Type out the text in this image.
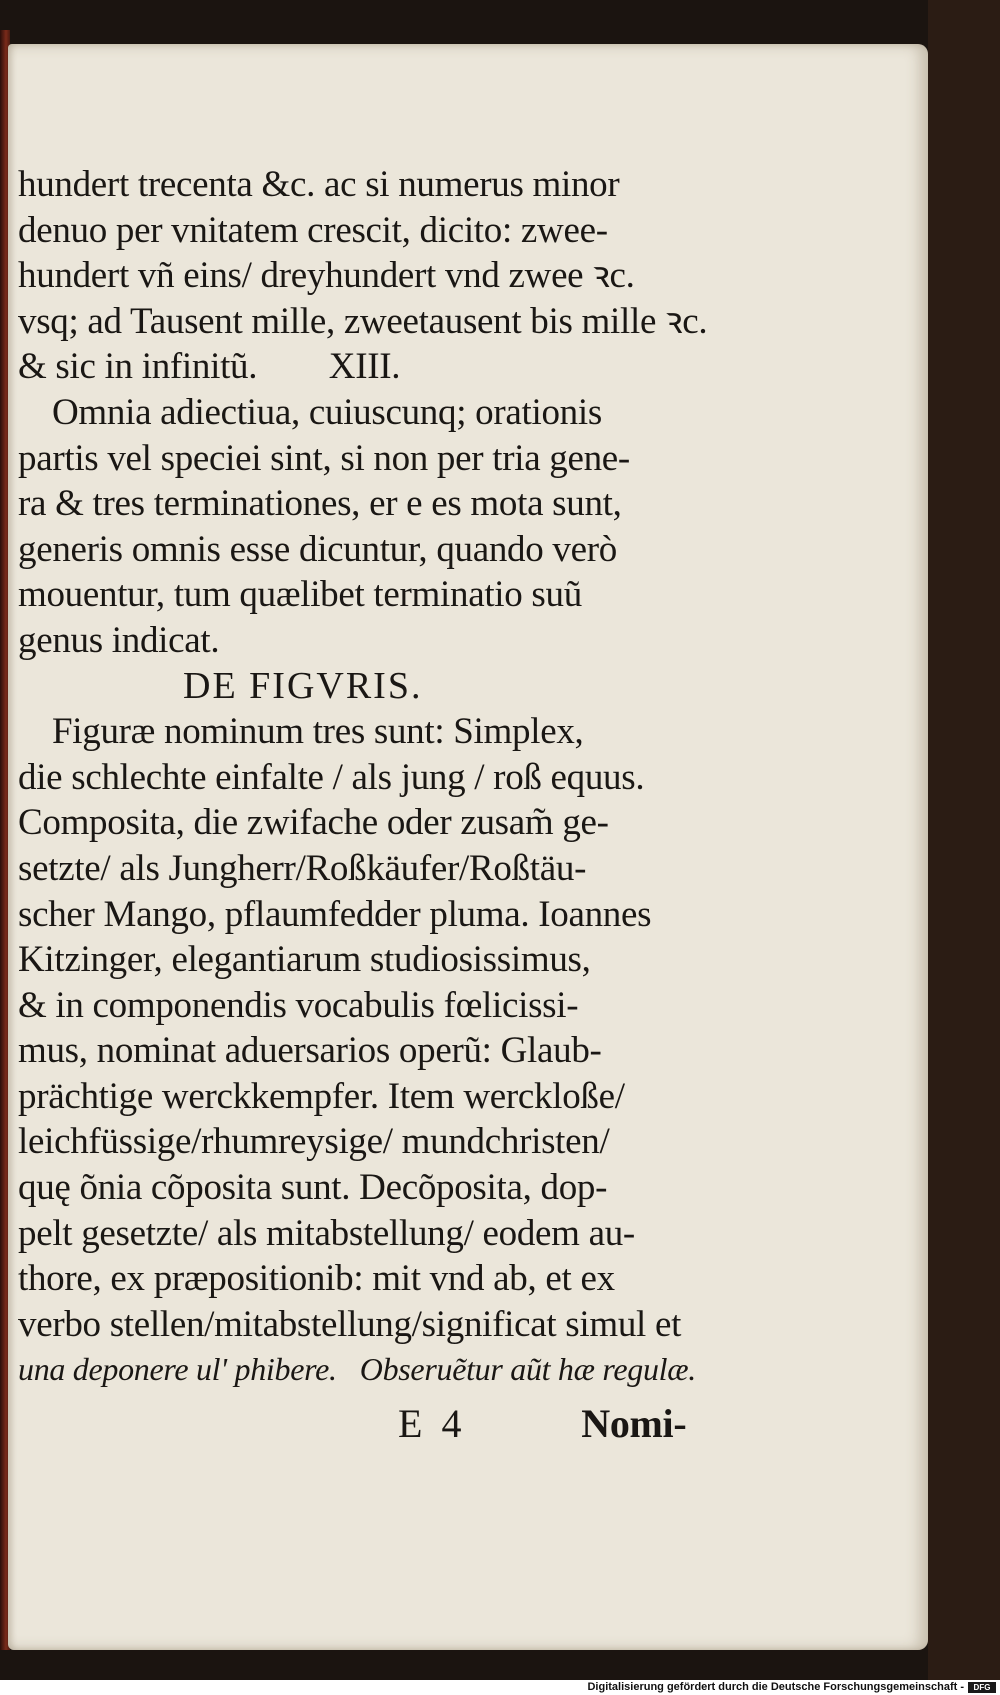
hundert trecenta &c. ac si numerus minor
denuo per vnitatem crescit, dicito: zwee-
hundert vñ eins/ dreyhundert vnd zwee ꝛc.
vsq; ad Tausent mille, zweetausent bis mille ꝛc.
& sic in infinitũ.        XIII.
Omnia adiectiua, cuiuscunq; orationis
partis vel speciei sint, si non per tria gene-
ra & tres terminationes, er e es mota sunt,
generis omnis esse dicuntur, quando verò
mouentur, tum quælibet terminatio suũ
genus indicat.
DE FIGVRIS.
Figuræ nominum tres sunt: Simplex,
die schlechte einfalte / als jung / roß equus.
Composita, die zwifache oder zusam̃ ge-
setzte/ als Jungherr/Roßkäufer/Roßtäu-
scher Mango, pflaumfedder pluma. Ioannes
Kitzinger, elegantiarum studiosissimus,
& in componendis vocabulis fœlicissi-
mus, nominat aduersarios operũ: Glaub-
prächtige werckkempfer. Item werckloße/
leichfüssige/rhumreysige/ mundchristen/
quę õnia cõposita sunt. Decõposita, dop-
pelt gesetzte/ als mitabstellung/ eodem au-
thore, ex præpositionib: mit vnd ab, et ex
verbo stellen/mitabstellung/significat simul et
una deponere ul' phibere.   Obseruẽtur aũt hæ regulæ.
E  4	Nomi-
Digitalisierung gefördert durch die Deutsche Forschungsgemeinschaft -	DFG
